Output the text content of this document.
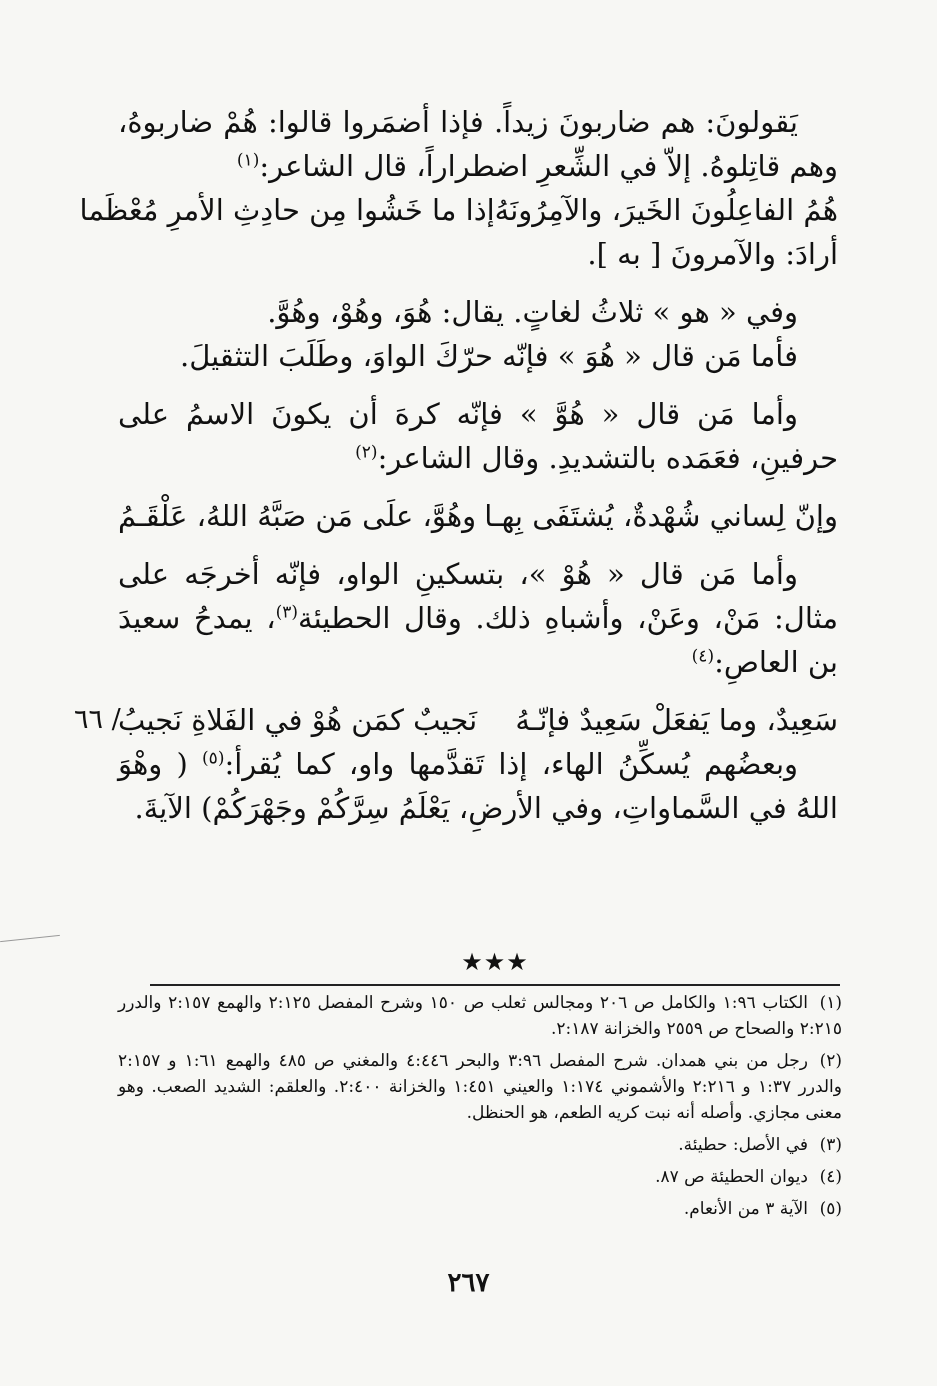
يَقولونَ: هم ضاربونَ زيداً. فإذا أضمَروا قالوا: هُمْ ضاربوهُ، وهم قاتِلوهُ. إلاّ في الشِّعرِ اضطراراً، قال الشاعر:$^{(١)}$

هُمُ الفاعِلُونَ الخَيرَ، والآمِرُونَهُ
إذا ما خَشُوا مِن حادِثِ الأمرِ مُعْظَما

أرادَ: والآمرونَ [ به ].

وفي « هو » ثلاثُ لغاتٍ. يقال: هُوَ، وهُوْ، وهُوَّ.

فأما مَن قال « هُوَ » فإنّه حرّكَ الواوَ، وطَلَبَ التثقيلَ.

وأما مَن قال « هُوَّ » فإنّه كرهَ أن يكونَ الاسمُ على حرفينِ، فعَمَده بالتشديدِ. وقال الشاعر:$^{(٢)}$

وإنّ لِساني شُهْدةٌ، يُشتَفَى بِهـا
وهُوَّ، علَى مَن صَبَّهُ اللهُ، عَلْقَـمُ

وأما مَن قال « هُوْ »، بتسكينِ الواو، فإنّه أخرجَه على مثال: مَنْ، وعَنْ، وأشباهِ ذلك. وقال الحطيئة$^{(٣)}$، يمدحُ سعيدَ بن العاصِ:$^{(٤)}$

سَعِيدٌ، وما يَفعَلْ سَعِيدٌ فإنّـهُ
نَجيبٌ كمَن هُوْ في الفَلاةِ نَجيبُ
/ ٦٦

وبعضُهم يُسكِّنُ الهاء، إذا تَقدَّمها واو، كما يُقرأ:$^{(٥)}$ ( وهْوَ اللهُ في السَّماواتِ، وفي الأرضِ، يَعْلَمُ سِرَّكُمْ وجَهْرَكُمْ) الآيةَ.

★★★

(١)الكتاب ١:٩٦ والكامل ص ٢٠٦ ومجالس ثعلب ص ١٥٠ وشرح المفصل ٢:١٢٥ والهمع ٢:١٥٧ والدرر ٢:٢١٥ والصحاح ص ٢٥٥٩ والخزانة ٢:١٨٧.

(٢)رجل من بني همدان. شرح المفصل ٣:٩٦ والبحر ٤:٤٤٦ والمغني ص ٤٨٥ والهمع ١:٦١ و ٢:١٥٧ والدرر ١:٣٧ و ٢:٢١٦ والأشموني ١:١٧٤ والعيني ١:٤٥١ والخزانة ٢:٤٠٠. والعلقم: الشديد الصعب. وهو معنى مجازي. وأصله أنه نبت كريه الطعم، هو الحنظل.

(٣)في الأصل: حطيئة.

(٤)ديوان الحطيئة ص ٨٧.

(٥)الآية ٣ من الأنعام.

٢٦٧
